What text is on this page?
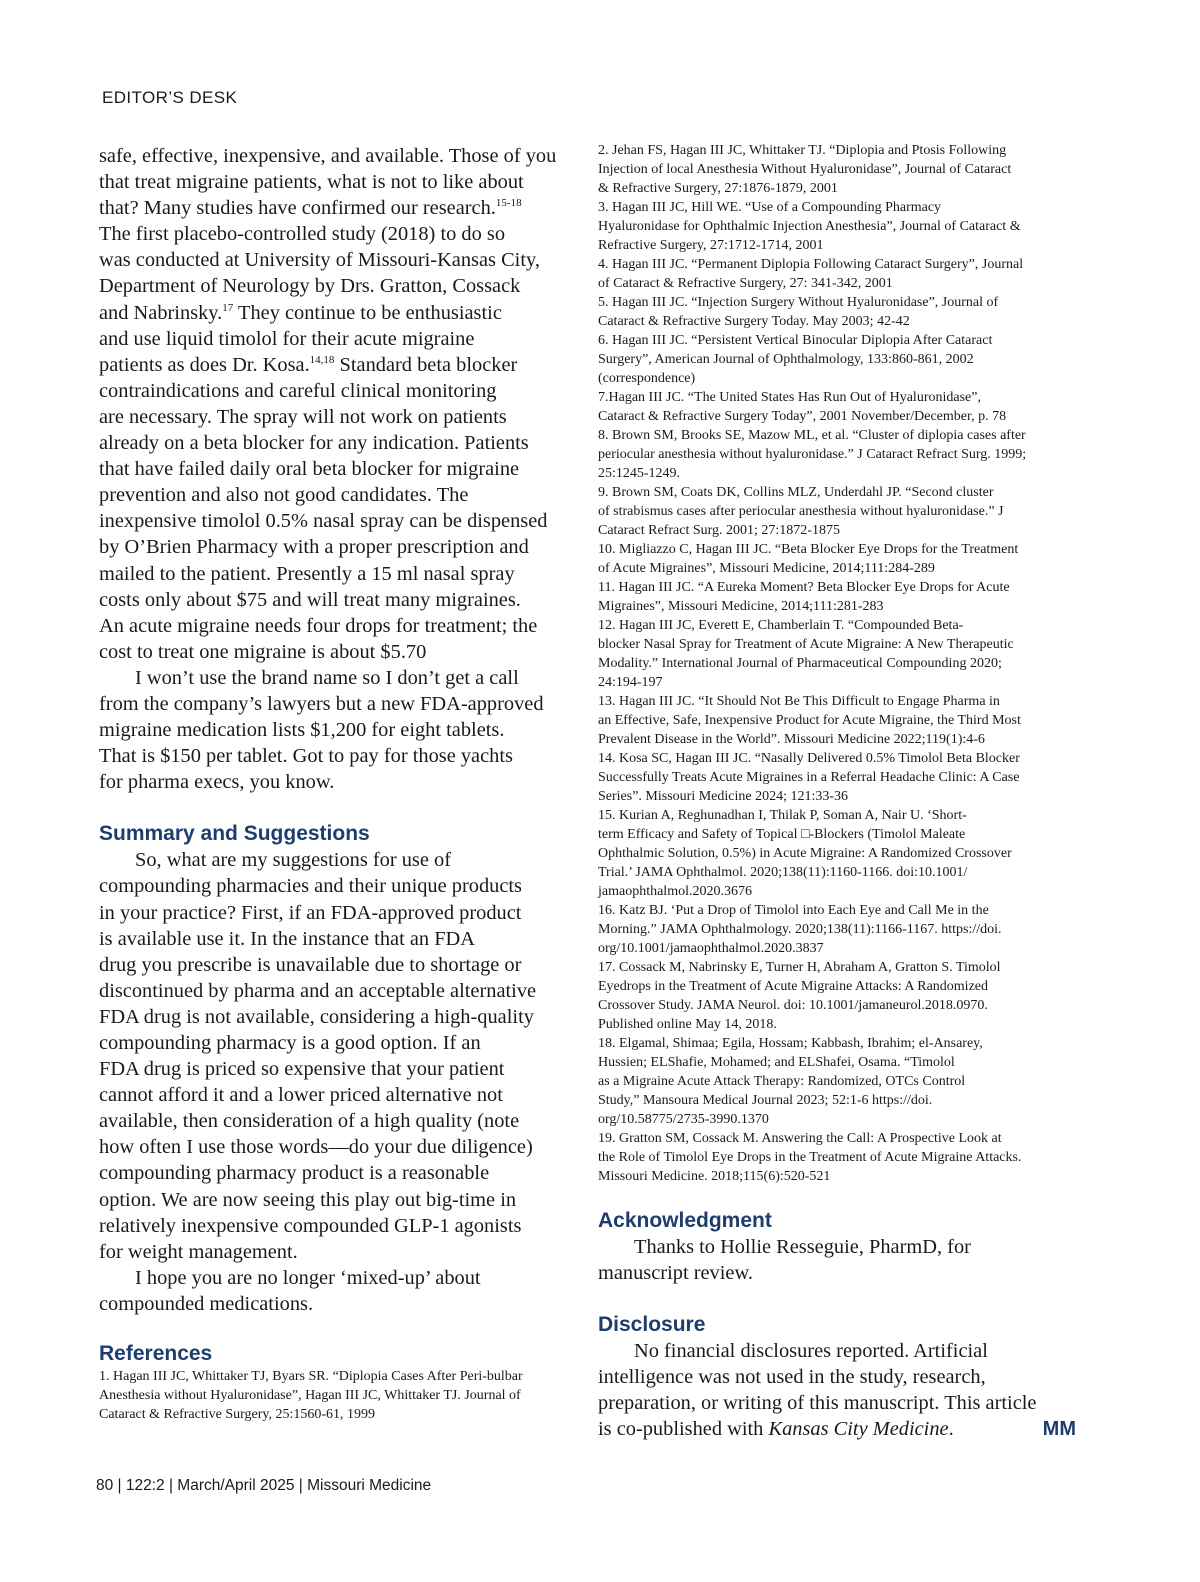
EDITOR’S DESK

safe, effective, inexpensive, and available. Those of you

that treat migraine patients, what is not to like about

that? Many studies have confirmed our research.$^{15-18}$

The first placebo-controlled study (2018) to do so

was conducted at University of Missouri-Kansas City,

Department of Neurology by Drs. Gratton, Cossack

and Nabrinsky.$^{17}$ They continue to be enthusiastic

and use liquid timolol for their acute migraine

patients as does Dr. Kosa.$^{14,18}$ Standard beta blocker

contraindications and careful clinical monitoring

are necessary. The spray will not work on patients

already on a beta blocker for any indication. Patients

that have failed daily oral beta blocker for migraine

prevention and also not good candidates. The

inexpensive timolol 0.5% nasal spray can be dispensed

by O’Brien Pharmacy with a proper prescription and

mailed to the patient. Presently a 15 ml nasal spray

costs only about $75 and will treat many migraines.

An acute migraine needs four drops for treatment; the

cost to treat one migraine is about $5.70

I won’t use the brand name so I don’t get a call

from the company’s lawyers but a new FDA-approved

migraine medication lists $1,200 for eight tablets.

That is $150 per tablet. Got to pay for those yachts

for pharma execs, you know.

Summary and Suggestions

So, what are my suggestions for use of

compounding pharmacies and their unique products

in your practice? First, if an FDA-approved product

is available use it. In the instance that an FDA

drug you prescribe is unavailable due to shortage or

discontinued by pharma and an acceptable alternative

FDA drug is not available, considering a high-quality

compounding pharmacy is a good option. If an

FDA drug is priced so expensive that your patient

cannot afford it and a lower priced alternative not

available, then consideration of a high quality (note

how often I use those words—do your due diligence)

compounding pharmacy product is a reasonable

option. We are now seeing this play out big-time in

relatively inexpensive compounded GLP-1 agonists

for weight management.

I hope you are no longer ‘mixed-up’ about

compounded medications.

References

1. Hagan III JC, Whittaker TJ, Byars SR. “Diplopia Cases After Peri-bulbar

Anesthesia without Hyaluronidase”, Hagan III JC, Whittaker TJ. Journal of

Cataract & Refractive Surgery, 25:1560-61, 1999

2. Jehan FS, Hagan III JC, Whittaker TJ. “Diplopia and Ptosis Following

Injection of local Anesthesia Without Hyaluronidase”, Journal of Cataract

& Refractive Surgery, 27:1876-1879, 2001

3. Hagan III JC, Hill WE. “Use of a Compounding Pharmacy

Hyaluronidase for Ophthalmic Injection Anesthesia”, Journal of Cataract &

Refractive Surgery, 27:1712-1714, 2001

4. Hagan III JC. “Permanent Diplopia Following Cataract Surgery”, Journal

of Cataract & Refractive Surgery, 27: 341-342, 2001

5. Hagan III JC. “Injection Surgery Without Hyaluronidase”, Journal of

Cataract & Refractive Surgery Today. May 2003; 42-42

6. Hagan III JC. “Persistent Vertical Binocular Diplopia After Cataract

Surgery”, American Journal of Ophthalmology, 133:860-861, 2002

(correspondence)

7.Hagan III JC. “The United States Has Run Out of Hyaluronidase”,

Cataract & Refractive Surgery Today”, 2001 November/December, p. 78

8. Brown SM, Brooks SE, Mazow ML, et al. “Cluster of diplopia cases after

periocular anesthesia without hyaluronidase.” J Cataract Refract Surg. 1999;

25:1245-1249.

9. Brown SM, Coats DK, Collins MLZ, Underdahl JP. “Second cluster

of strabismus cases after periocular anesthesia without hyaluronidase.” J

Cataract Refract Surg. 2001; 27:1872-1875

10. Migliazzo C, Hagan III JC. “Beta Blocker Eye Drops for the Treatment

of Acute Migraines”, Missouri Medicine, 2014;111:284-289

11. Hagan III JC. “A Eureka Moment? Beta Blocker Eye Drops for Acute

Migraines”, Missouri Medicine, 2014;111:281-283

12. Hagan III JC, Everett E, Chamberlain T. “Compounded Beta-

blocker Nasal Spray for Treatment of Acute Migraine: A New Therapeutic

Modality.” International Journal of Pharmaceutical Compounding 2020;

24:194-197

13. Hagan III JC. “It Should Not Be This Difficult to Engage Pharma in

an Effective, Safe, Inexpensive Product for Acute Migraine, the Third Most

Prevalent Disease in the World”. Missouri Medicine 2022;119(1):4-6

14. Kosa SC, Hagan III JC. “Nasally Delivered 0.5% Timolol Beta Blocker

Successfully Treats Acute Migraines in a Referral Headache Clinic: A Case

Series”. Missouri Medicine 2024; 121:33-36

15. Kurian A, Reghunadhan I, Thilak P, Soman A, Nair U. ‘Short-

term Efficacy and Safety of Topical □-Blockers (Timolol Maleate

Ophthalmic Solution, 0.5%) in Acute Migraine: A Randomized Crossover

Trial.’ JAMA Ophthalmol. 2020;138(11):1160-1166. doi:10.1001/

jamaophthalmol.2020.3676

16. Katz BJ. ‘Put a Drop of Timolol into Each Eye and Call Me in the

Morning.” JAMA Ophthalmology. 2020;138(11):1166-1167. https://doi.

org/10.1001/jamaophthalmol.2020.3837

17. Cossack M, Nabrinsky E, Turner H, Abraham A, Gratton S. Timolol

Eyedrops in the Treatment of Acute Migraine Attacks: A Randomized

Crossover Study. JAMA Neurol. doi: 10.1001/jamaneurol.2018.0970.

Published online May 14, 2018.

18. Elgamal, Shimaa; Egila, Hossam; Kabbash, Ibrahim; el-Ansarey,

Hussien; ELShafie, Mohamed; and ELShafei, Osama. “Timolol

as a Migraine Acute Attack Therapy: Randomized, OTCs Control

Study,” Mansoura Medical Journal 2023; 52:1-6 https://doi.

org/10.58775/2735-3990.1370

19. Gratton SM, Cossack M. Answering the Call: A Prospective Look at

the Role of Timolol Eye Drops in the Treatment of Acute Migraine Attacks.

Missouri Medicine. 2018;115(6):520-521

Acknowledgment

Thanks to Hollie Resseguie, PharmD, for

manuscript review.

Disclosure

No financial disclosures reported. Artificial

intelligence was not used in the study, research,

preparation, or writing of this manuscript. This article

is co-published with Kansas City Medicine.	MM
80 | 122:2 | March/April 2025 | Missouri Medicine
